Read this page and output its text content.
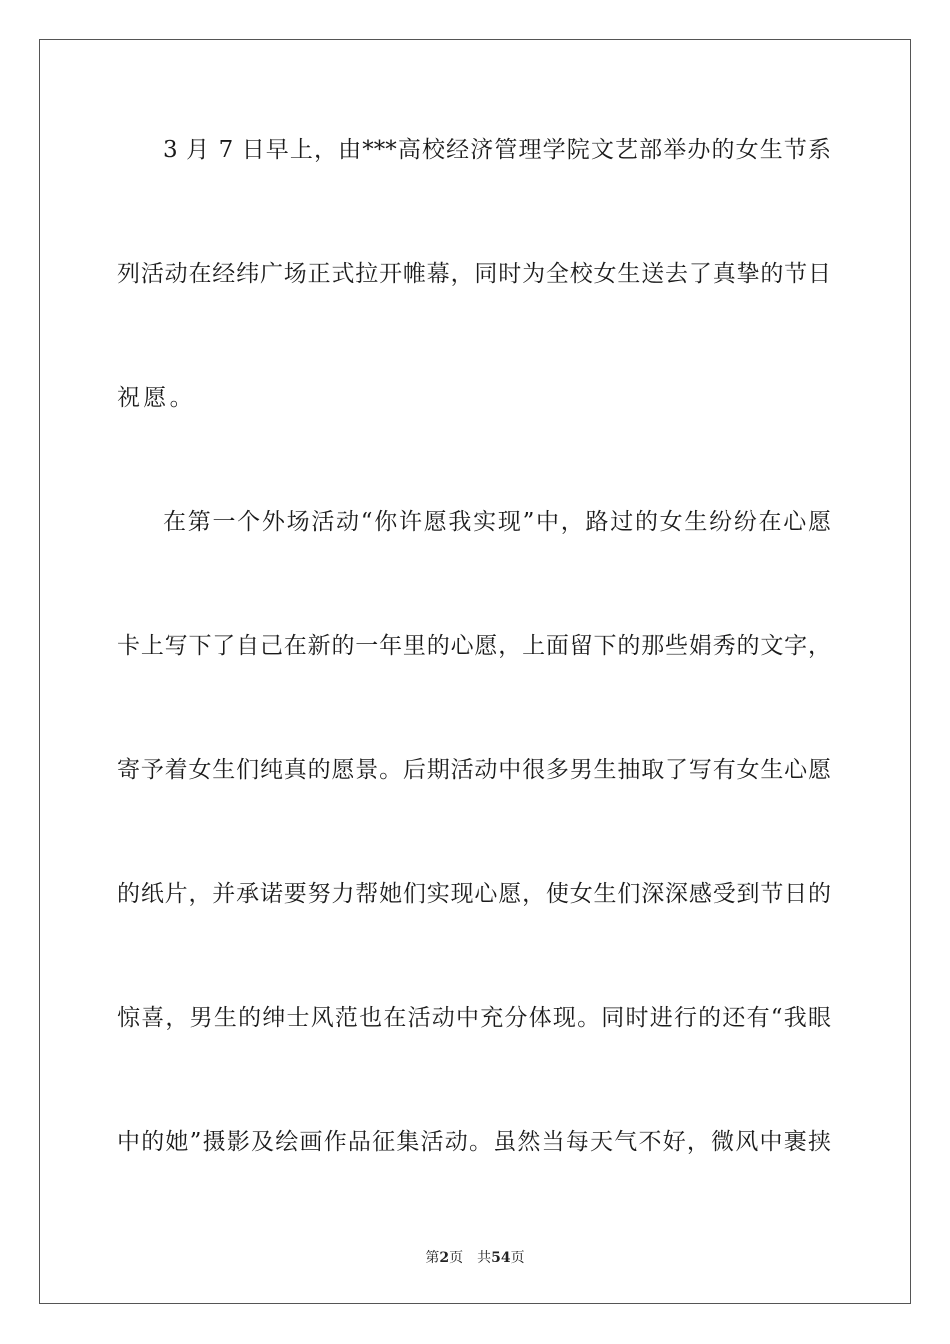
3 月 7 日早上，由***高校经济管理学院文艺部举办的女生节系
列活动在经纬广场正式拉开帷幕，同时为全校女生送去了真挚的节日
祝愿。
在第一个外场活动“你许愿我实现”中，路过的女生纷纷在心愿
卡上写下了自己在新的一年里的心愿，上面留下的那些娟秀的文字，
寄予着女生们纯真的愿景。后期活动中很多男生抽取了写有女生心愿
的纸片，并承诺要努力帮她们实现心愿，使女生们深深感受到节日的
惊喜，男生的绅士风范也在活动中充分体现。同时进行的还有“我眼
中的她”摄影及绘画作品征集活动。虽然当每天气不好，微风中裹挟
第2页 共54页
